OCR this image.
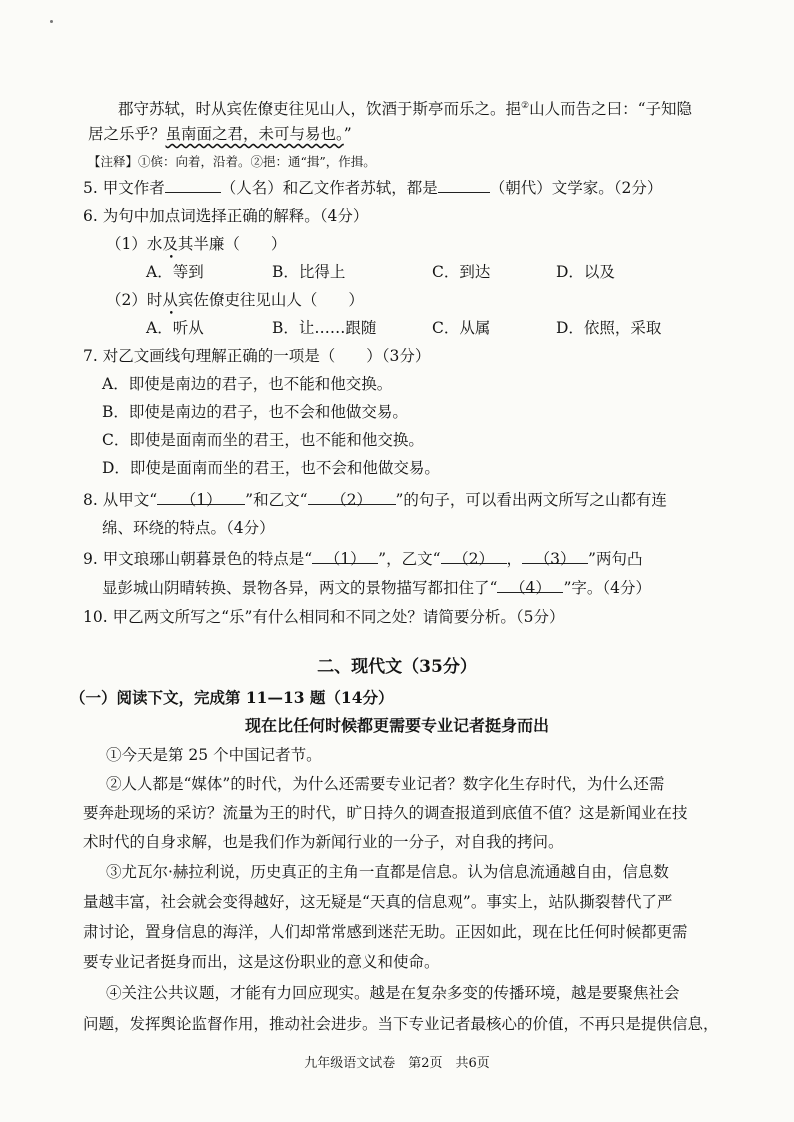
郡守苏轼，时从宾佐僚吏往见山人，饮酒于斯亭而乐之。挹②山人而告之曰：“子知隐
居之乐乎？虽南面之君，未可与易也。”
【注释】①傧：向着，沿着。②挹：通“揖”，作揖。
5. 甲文作者	（人名）和乙文作者苏轼，都是	（朝代）文学家。（2分）
6. 为句中加点词选择正确的解释。（4分）
（1）水及其半廉（　　）
A．等到	B．比得上	C．到达	D．以及
（2）时从宾佐僚吏往见山人（　　）
A．听从	B．让……跟随	C．从属	D．依照，采取
7. 对乙文画线句理解正确的一项是（　　）（3分）
A．即使是南边的君子，也不能和他交换。
B．即使是南边的君子，也不会和他做交易。
C．即使是面南而坐的君王，也不能和他交换。
D．即使是面南而坐的君王，也不会和他做交易。
8. 从甲文“ （1） ”和乙文“ （2） ”的句子，可以看出两文所写之山都有连
绵、环绕的特点。（4分）
9. 甲文琅琊山朝暮景色的特点是“ （1） ”，乙文“ （2） ， （3） ”两句凸
显彭城山阴晴转换、景物各异，两文的景物描写都扣住了“ （4） ”字。（4分）
10. 甲乙两文所写之“乐”有什么相同和不同之处？请简要分析。（5分）
二、现代文（35分）
（一）阅读下文，完成第 11—13 题（14分）
现在比任何时候都更需要专业记者挺身而出
①今天是第 25 个中国记者节。
②人人都是“媒体”的时代，为什么还需要专业记者？数字化生存时代，为什么还需
要奔赴现场的采访？流量为王的时代，旷日持久的调查报道到底值不值？这是新闻业在技
术时代的自身求解，也是我们作为新闻行业的一分子，对自我的拷问。
③尤瓦尔·赫拉利说，历史真正的主角一直都是信息。认为信息流通越自由，信息数
量越丰富，社会就会变得越好，这无疑是“天真的信息观”。事实上，站队撕裂替代了严
肃讨论，置身信息的海洋，人们却常常感到迷茫无助。正因如此，现在比任何时候都更需
要专业记者挺身而出，这是这份职业的意义和使命。
④关注公共议题，才能有力回应现实。越是在复杂多变的传播环境，越是要聚焦社会
问题，发挥舆论监督作用，推动社会进步。当下专业记者最核心的价值，不再只是提供信息，
九年级语文试卷　第2页　共6页
